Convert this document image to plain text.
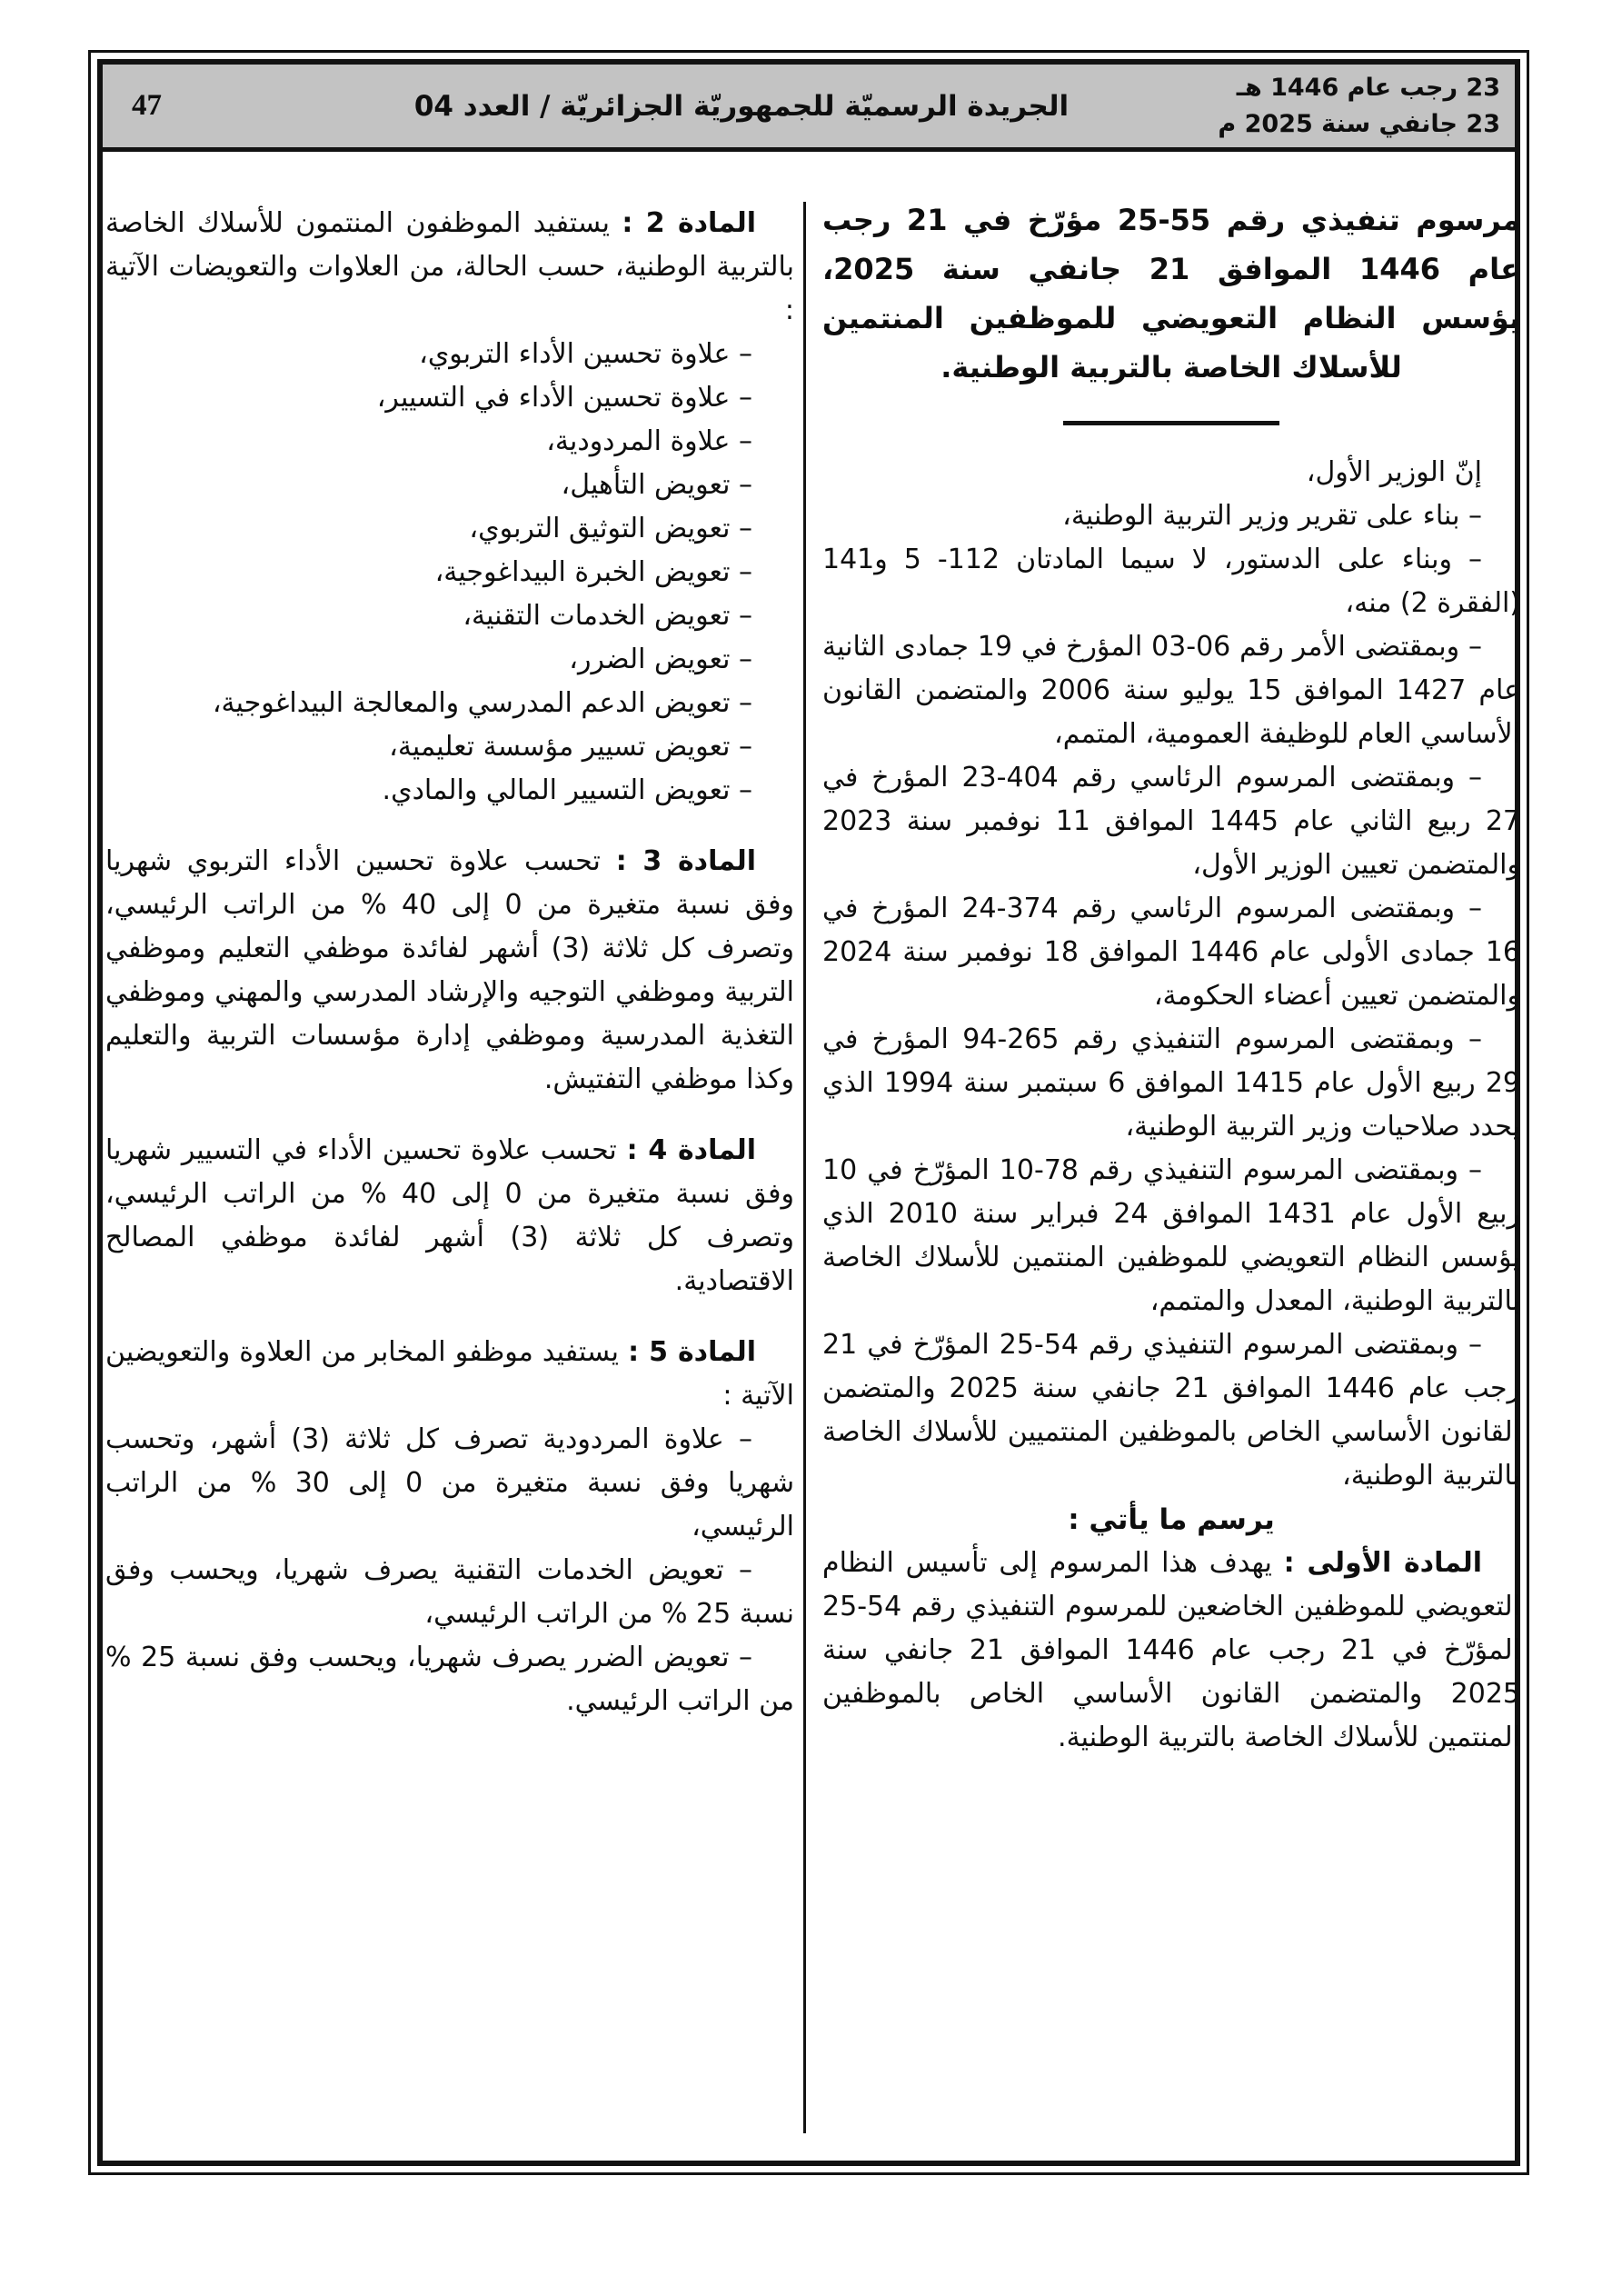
47	الجريدة الرسميّة للجمهوريّة الجزائريّة / العدد 04
23 رجب عام 1446 هـ
23 جانفي سنة 2025 م

مرسوم تنفيذي رقم 55-25 مؤرّخ في 21 رجب عام 1446 الموافق 21 جانفي سنة 2025، يؤسس النظام التعويضي للموظفين المنتمين للأسلاك الخاصة بالتربية الوطنية.

إنّ الوزير الأول،

– بناء على تقرير وزير التربية الوطنية،

– وبناء على الدستور، لا سيما المادتان 112- 5 و141 (الفقرة 2) منه،

– وبمقتضى الأمر رقم 06-03 المؤرخ في 19 جمادى الثانية عام 1427 الموافق 15 يوليو سنة 2006 والمتضمن القانون الأساسي العام للوظيفة العمومية، المتمم،

– وبمقتضى المرسوم الرئاسي رقم 404-23 المؤرخ في 27 ربيع الثاني عام 1445 الموافق 11 نوفمبر سنة 2023 والمتضمن تعيين الوزير الأول،

– وبمقتضى المرسوم الرئاسي رقم 374-24 المؤرخ في 16 جمادى الأولى عام 1446 الموافق 18 نوفمبر سنة 2024 والمتضمن تعيين أعضاء الحكومة،

– وبمقتضى المرسوم التنفيذي رقم 265-94 المؤرخ في 29 ربيع الأول عام 1415 الموافق 6 سبتمبر سنة 1994 الذي يحدد صلاحيات وزير التربية الوطنية،

– وبمقتضى المرسوم التنفيذي رقم 78-10 المؤرّخ في 10 ربيع الأول عام 1431 الموافق 24 فبراير سنة 2010 الذي يؤسس النظام التعويضي للموظفين المنتمين للأسلاك الخاصة بالتربية الوطنية، المعدل والمتمم،

– وبمقتضى المرسوم التنفيذي رقم 54-25 المؤرّخ في 21 رجب عام 1446 الموافق 21 جانفي سنة 2025 والمتضمن القانون الأساسي الخاص بالموظفين المنتميين للأسلاك الخاصة بالتربية الوطنية،

يرسم ما يأتي :

المادة الأولى : يهدف هذا المرسوم إلى تأسيس النظام التعويضي للموظفين الخاضعين للمرسوم التنفيذي رقم 54-25 المؤرّخ في 21 رجب عام 1446 الموافق 21 جانفي سنة 2025 والمتضمن القانون الأساسي الخاص بالموظفين المنتمين للأسلاك الخاصة بالتربية الوطنية.

المادة 2 : يستفيد الموظفون المنتمون للأسلاك الخاصة بالتربية الوطنية، حسب الحالة، من العلاوات والتعويضات الآتية :

– علاوة تحسين الأداء التربوي،

– علاوة تحسين الأداء في التسيير،

– علاوة المردودية،

– تعويض التأهيل،

– تعويض التوثيق التربوي،

– تعويض الخبرة البيداغوجية،

– تعويض الخدمات التقنية،

– تعويض الضرر،

– تعويض الدعم المدرسي والمعالجة البيداغوجية،

– تعويض تسيير مؤسسة تعليمية،

– تعويض التسيير المالي والمادي.

المادة 3 : تحسب علاوة تحسين الأداء التربوي شهريا وفق نسبة متغيرة من 0 إلى 40 % من الراتب الرئيسي، وتصرف كل ثلاثة (3) أشهر لفائدة موظفي التعليم وموظفي التربية وموظفي التوجيه والإرشاد المدرسي والمهني وموظفي التغذية المدرسية وموظفي إدارة مؤسسات التربية والتعليم وكذا موظفي التفتيش.

المادة 4 : تحسب علاوة تحسين الأداء في التسيير شهريا وفق نسبة متغيرة من 0 إلى 40 % من الراتب الرئيسي، وتصرف كل ثلاثة (3) أشهر لفائدة موظفي المصالح الاقتصادية.

المادة 5 : يستفيد موظفو المخابر من العلاوة والتعويضين الآتية :

– علاوة المردودية تصرف كل ثلاثة (3) أشهر، وتحسب شهريا وفق نسبة متغيرة من 0 إلى 30 % من الراتب الرئيسي،

– تعويض الخدمات التقنية يصرف شهريا، ويحسب وفق نسبة 25 % من الراتب الرئيسي،

– تعويض الضرر يصرف شهريا، ويحسب وفق نسبة 25 % من الراتب الرئيسي.
